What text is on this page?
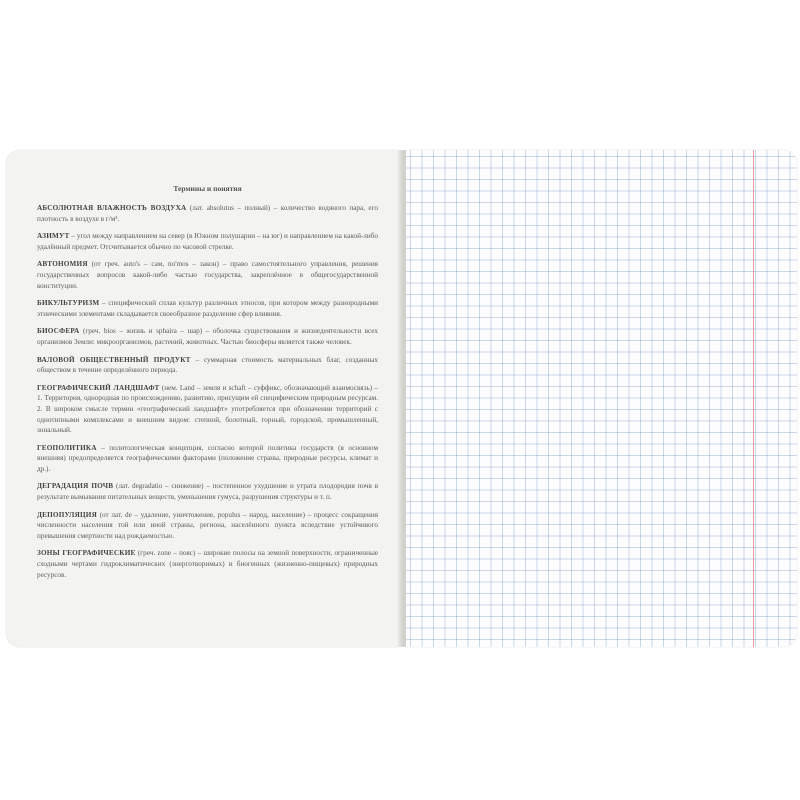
Термины и понятия

АБСОЛЮТНАЯ ВЛАЖНОСТЬ ВОЗДУХА (лат. absolutus – полный) – количество водяного пара, его плотность в воздухе в г/м³.

АЗИМУТ – угол между направлением на север (в Южном полушарии – на юг) и направлением на какой-либо удалённый предмет. Отсчитывается обычно по часовой стрелке.

АВТОНОМИЯ (от греч. auto's – сам, no'mos – закон) – право самостоятельного управления, решения государственных вопросов какой-либо частью государства, закреплённое в общегосударственной конституции.

БИКУЛЬТУРИЗМ – специфический сплав культур различных этносов, при котором между разнородными этническими элементами складывается своеобразное разделение сфер влияния.

БИОСФЕРА (греч. bios – жизнь и sphaira – шар) – оболочка существования и жизнедеятельности всех организмов Земли: микроорганизмов, растений, животных. Частью биосферы является также человек.

ВАЛОВОЙ ОБЩЕСТВЕННЫЙ ПРОДУКТ – суммарная стоимость материальных благ, созданных обществом в течение определённого периода.

ГЕОГРАФИЧЕСКИЙ ЛАНДШАФТ (нем. Land – земля и schaft – суффикс, обозначающий взаимосвязь) – 1. Территория, однородная по происхождению, развитию, присущим ей специфическим природным ресурсам. 2. В широком смысле термин «географический ландшафт» употребляется при обозначении территорий с однотипными комплексами и внешним видом: степной, болотный, горный, городской, промышленный, зональный.

ГЕОПОЛИТИКА – политологическая концепция, согласно которой политика государств (в основном внешняя) предопределяется географическими факторами (положение страны, природные ресурсы, климат и др.).

ДЕГРАДАЦИЯ ПОЧВ (лат. degradatio – снижение) – постепенное ухудшение и утрата плодородия почв в результате вымывания питательных веществ, уменьшения гумуса, разрушения структуры и т. п.

ДЕПОПУЛЯЦИЯ (от лат. de – удаление, уничтожение, populus – народ, население) – процесс сокращения численности населения той или иной страны, региона, населённого пункта вследствие устойчивого превышения смертности над рождаемостью.

ЗОНЫ ГЕОГРАФИЧЕСКИЕ (греч. zone – пояс) – широкие полосы на земной поверхности, ограниченные сходными чертами гидроклиматических (энерготворимых) и биогенных (жизненно-пищевых) природных ресурсов.
